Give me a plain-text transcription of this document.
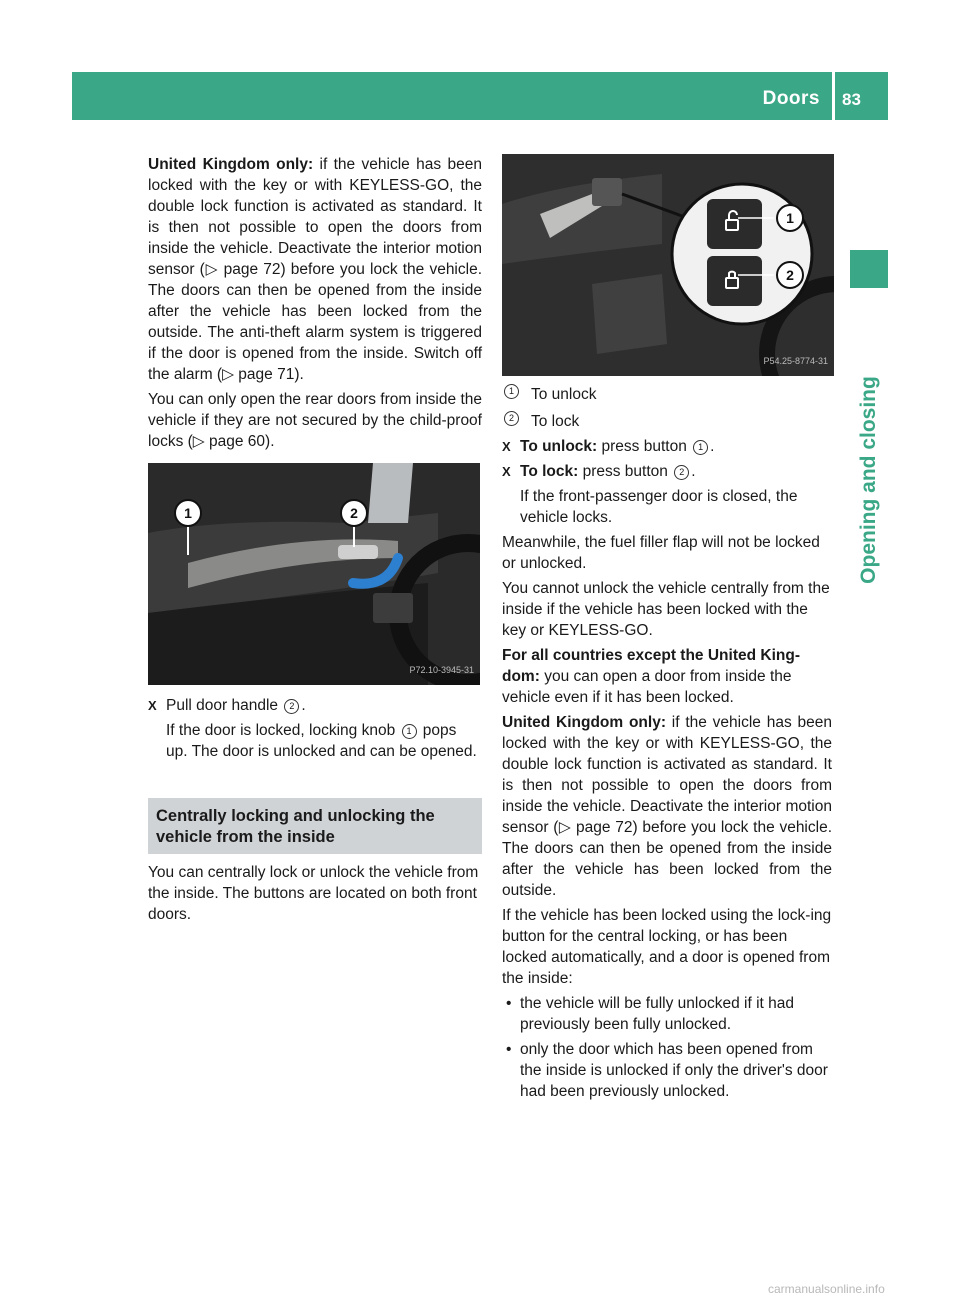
Doors 83
Opening and closing

United Kingdom only: if the vehicle has been locked with the key or with KEYLESS-GO, the double lock function is activated as standard. It is then not possible to open the doors from inside the vehicle. Deactivate the interior motion sensor (▷ page 72) before you lock the vehicle. The doors can then be opened from the inside after the vehicle has been locked from the outside. The anti-theft alarm system is triggered if the door is opened from the inside. Switch off the alarm (▷ page 71).

You can only open the rear doors from inside the vehicle if they are not secured by the child-proof locks (▷ page 60).

1	2
P72.10-3945-31

X Pull door handle 2 .

If the door is locked, locking knob 1 pops up. The door is unlocked and can be opened.

Centrally locking and unlocking the vehicle from the inside

You can centrally lock or unlock the vehicle from the inside. The buttons are located on both front doors.

1
2
P54.25-8774-31
1	To unlock
2	To lock

X To unlock: press button 1 .

X To lock: press button 2 .

If the front-passenger door is closed, the vehicle locks.

Meanwhile, the fuel filler flap will not be locked or unlocked.

You cannot unlock the vehicle centrally from the inside if the vehicle has been locked with the key or KEYLESS-GO.

For all countries except the United King-dom: you can open a door from inside the vehicle even if it has been locked.

United Kingdom only: if the vehicle has been locked with the key or with KEYLESS-GO, the double lock function is activated as standard. It is then not possible to open the doors from inside the vehicle. Deactivate the interior motion sensor (▷ page 72) before you lock the vehicle. The doors can then be opened from the inside after the vehicle has been locked from the outside.

If the vehicle has been locked using the lock-ing button for the central locking, or has been locked automatically, and a door is opened from the inside:

• the vehicle will be fully unlocked if it had previously been fully unlocked.

• only the door which has been opened from the inside is unlocked if only the driver's door had been previously unlocked.

carmanualsonline.info
